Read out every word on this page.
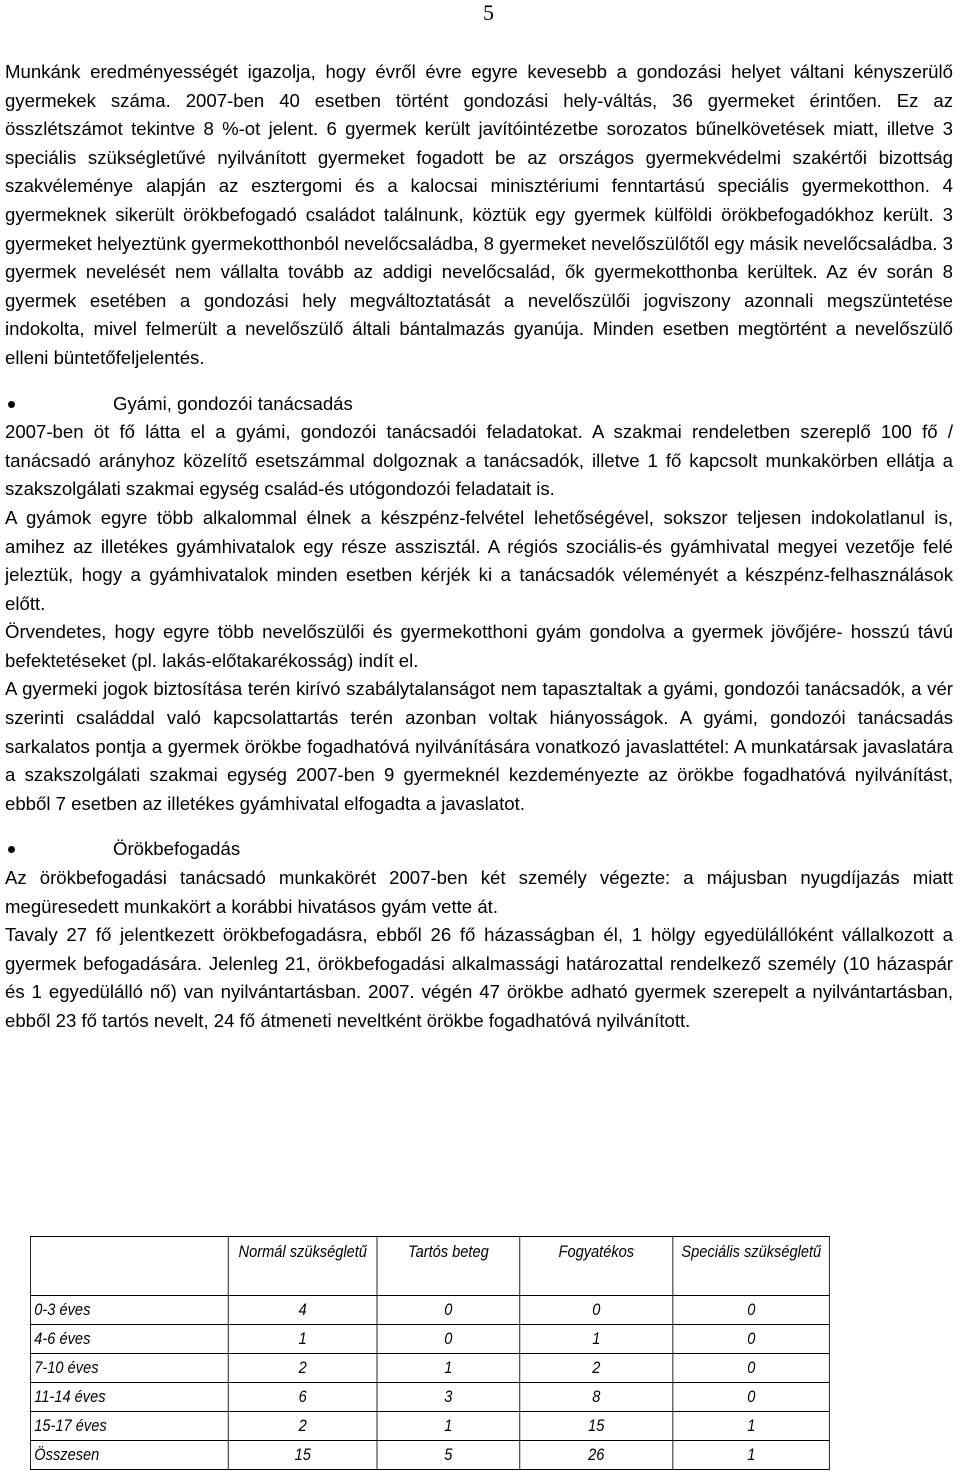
5

Munkánk eredményességét igazolja, hogy évről évre egyre kevesebb a gondozási helyet váltani kényszerülő gyermekek száma. 2007-ben 40 esetben történt gondozási hely-váltás, 36 gyermeket érintően. Ez az összlétszámot tekintve 8 %-ot jelent. 6 gyermek került javítóintézetbe sorozatos bűnelkövetések miatt, illetve 3 speciális szükségletűvé nyilvánított gyermeket fogadott be az országos gyermekvédelmi szakértői bizottság szakvéleménye alapján az esztergomi és a kalocsai minisztériumi fenntartású speciális gyermekotthon. 4 gyermeknek sikerült örökbefogadó családot találnunk, köztük egy gyermek külföldi örökbefogadókhoz került. 3 gyermeket helyeztünk gyermekotthonból nevelőcsaládba, 8 gyermeket nevelőszülőtől egy másik nevelőcsaládba. 3 gyermek nevelését nem vállalta tovább az addigi nevelőcsalád, ők gyermekotthonba kerültek. Az év során 8 gyermek esetében a gondozási hely megváltoztatását a nevelőszülői jogviszony azonnali megszüntetése indokolta, mivel felmerült a nevelőszülő általi bántalmazás gyanúja. Minden esetben megtörtént a nevelőszülő elleni büntetőfeljelentés.

Gyámi, gondozói tanácsadás

2007-ben öt fő látta el a gyámi, gondozói tanácsadói feladatokat. A szakmai rendeletben szereplő 100 fő / tanácsadó arányhoz közelítő esetszámmal dolgoznak a tanácsadók, illetve 1 fő kapcsolt munkakörben ellátja a szakszolgálati szakmai egység család-és utógondozói feladatait is.

A gyámok egyre több alkalommal élnek a készpénz-felvétel lehetőségével, sokszor teljesen indokolatlanul is, amihez az illetékes gyámhivatalok egy része asszisztál. A régiós szociális-és gyámhivatal megyei vezetője felé jeleztük, hogy a gyámhivatalok minden esetben kérjék ki a tanácsadók véleményét a készpénz-felhasználások előtt.

Örvendetes, hogy egyre több nevelőszülői és gyermekotthoni gyám gondolva a gyermek jövőjére- hosszú távú befektetéseket (pl. lakás-előtakarékosság) indít el.

A gyermeki jogok biztosítása terén kirívó szabálytalanságot nem tapasztaltak a gyámi, gondozói tanácsadók, a vér szerinti családdal való kapcsolattartás terén azonban voltak hiányosságok. A gyámi, gondozói tanácsadás sarkalatos pontja a gyermek örökbe fogadhatóvá nyilvánítására vonatkozó javaslattétel: A munkatársak javaslatára a szakszolgálati szakmai egység 2007-ben 9 gyermeknél kezdeményezte az örökbe fogadhatóvá nyilvánítást, ebből 7 esetben az illetékes gyámhivatal elfogadta a javaslatot.

Örökbefogadás

Az örökbefogadási tanácsadó munkakörét 2007-ben két személy végezte: a májusban nyugdíjazás miatt megüresedett munkakört a korábbi hivatásos gyám vette át.

Tavaly 27 fő jelentkezett örökbefogadásra, ebből 26 fő házasságban él, 1 hölgy egyedülállóként vállalkozott a gyermek befogadására. Jelenleg 21, örökbefogadási alkalmassági határozattal rendelkező személy (10 házaspár és 1 egyedülálló nő) van nyilvántartásban. 2007. végén 47 örökbe adható gyermek szerepelt a nyilvántartásban, ebből 23 fő tartós nevelt, 24 fő átmeneti neveltként örökbe fogadhatóvá nyilvánított.

	Normál szükségletű	Tartós beteg	Fogyatékos	Speciális szükségletű
0-3 éves	4	0	0	0
4-6 éves	1	0	1	0
7-10 éves	2	1	2	0
11-14 éves	6	3	8	0
15-17 éves	2	1	15	1
Összesen	15	5	26	1
